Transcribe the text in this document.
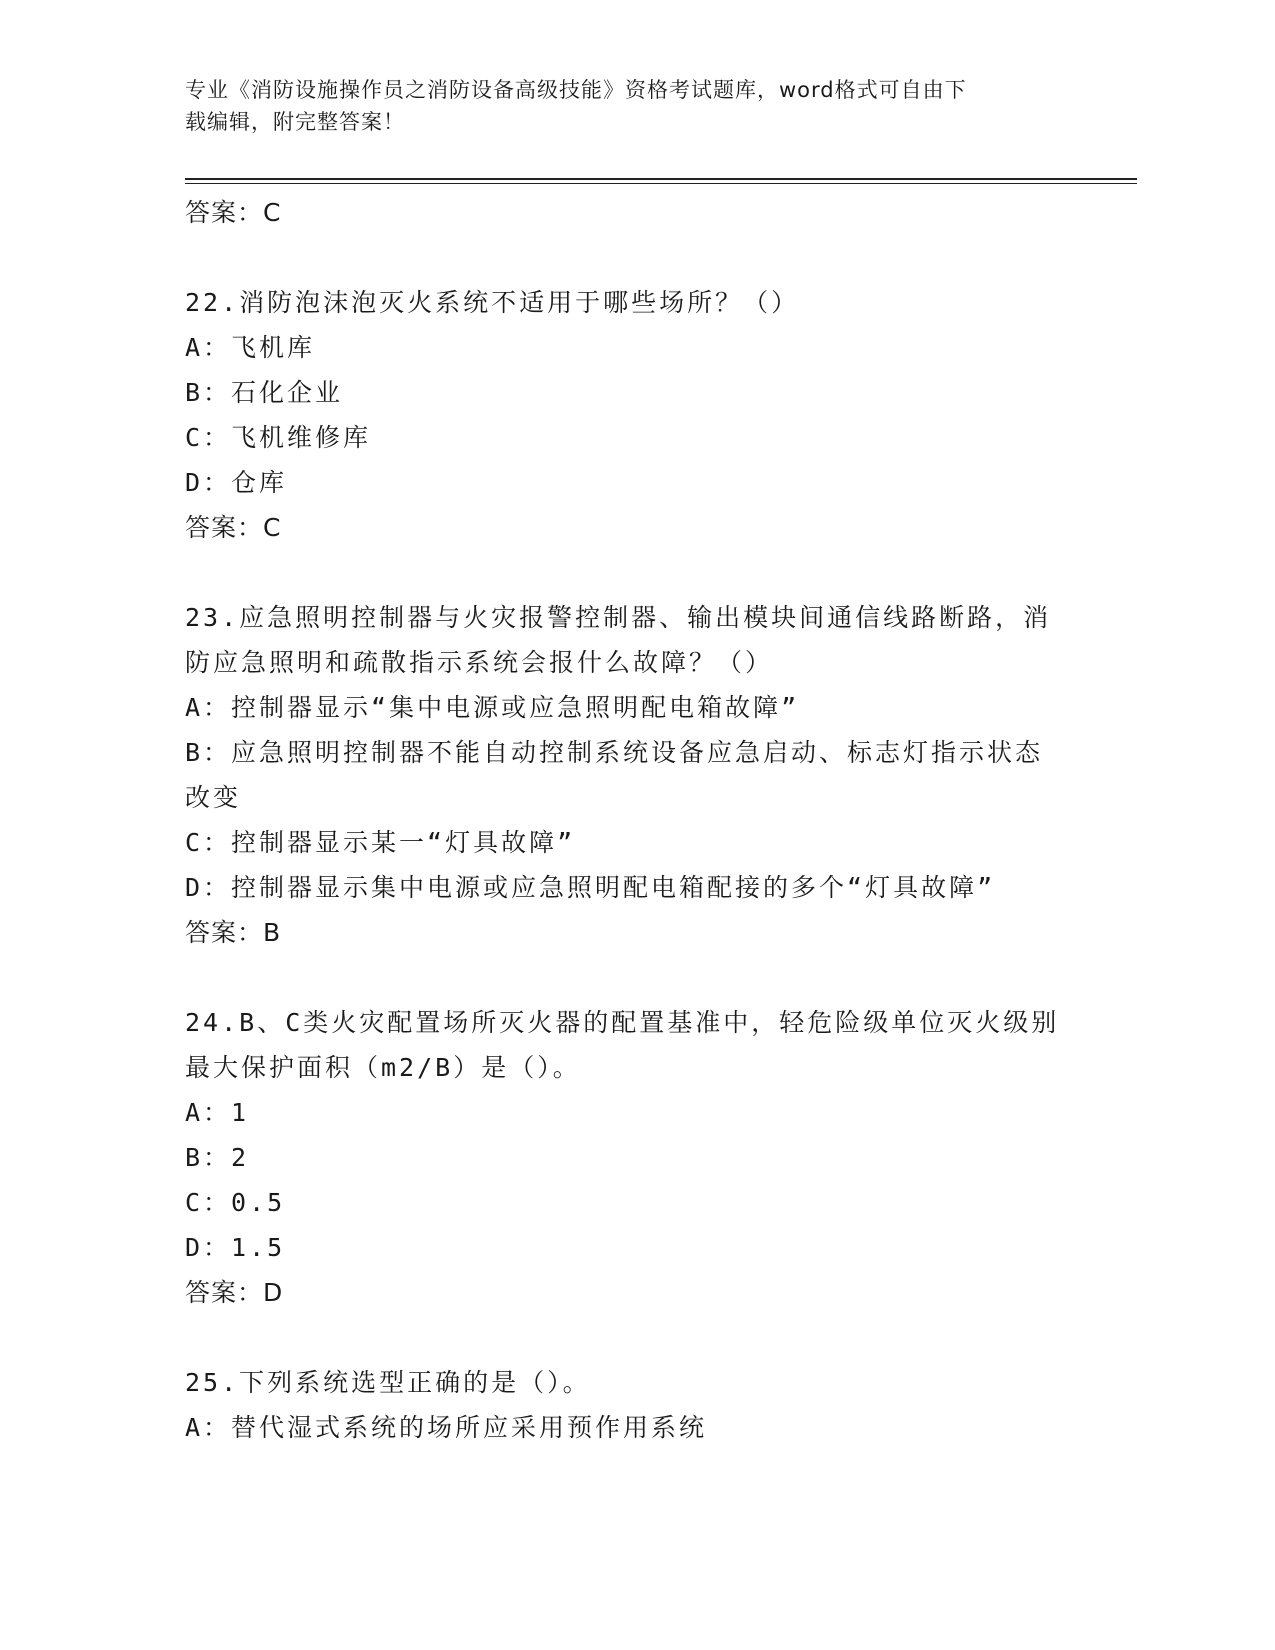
专业《消防设施操作员之消防设备高级技能》资格考试题库，word格式可自由下
载编辑，附完整答案！
答案：C
22.消防泡沫泡灭火系统不适用于哪些场所？（）
A：飞机库
B：石化企业
C：飞机维修库
D：仓库
答案：C
23.应急照明控制器与火灾报警控制器、输出模块间通信线路断路，消
防应急照明和疏散指示系统会报什么故障？（）
A：控制器显示“集中电源或应急照明配电箱故障”
B：应急照明控制器不能自动控制系统设备应急启动、标志灯指示状态
改变
C：控制器显示某一“灯具故障”
D：控制器显示集中电源或应急照明配电箱配接的多个“灯具故障”
答案：B
24.B、C类火灾配置场所灭火器的配置基准中，轻危险级单位灭火级别
最大保护面积（m2/B）是（）。
A：1
B：2
C：0.5
D：1.5
答案：D
25.下列系统选型正确的是（）。
A：替代湿式系统的场所应采用预作用系统
